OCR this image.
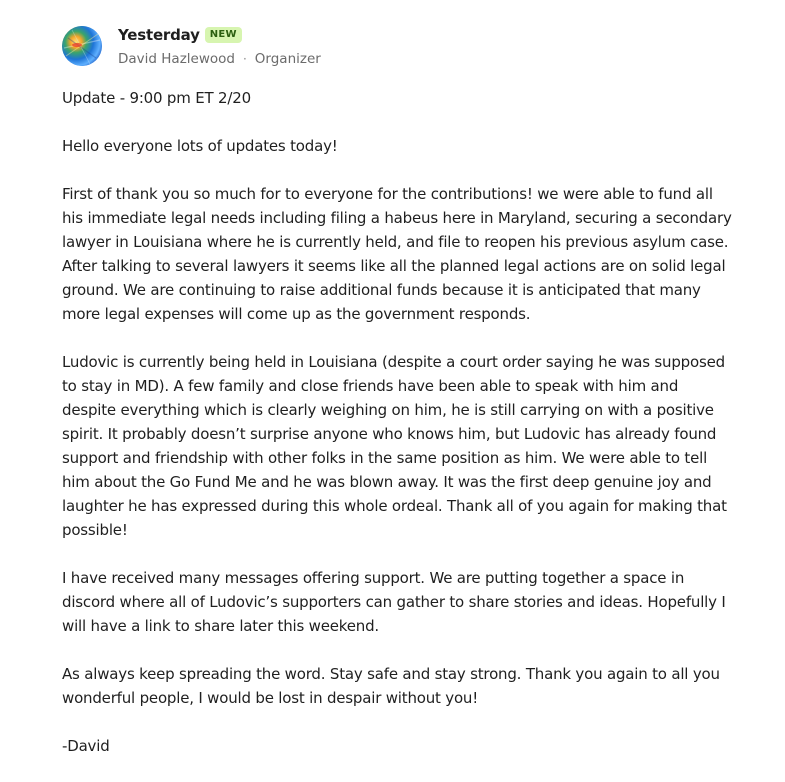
Yesterday	NEW
David Hazlewood · Organizer

Update - 9:00 pm ET 2/20

Hello everyone lots of updates today!

First of thank you so much for to everyone for the contributions! we were able to fund all his immediate legal needs including filing a habeus here in Maryland, securing a secondary lawyer in Louisiana where he is currently held, and file to reopen his previous asylum case. After talking to several lawyers it seems like all the planned legal actions are on solid legal ground. We are continuing to raise additional funds because it is anticipated that many more legal expenses will come up as the government responds.

Ludovic is currently being held in Louisiana (despite a court order saying he was supposed to stay in MD). A few family and close friends have been able to speak with him and despite everything which is clearly weighing on him, he is still carrying on with a positive spirit. It probably doesn’t surprise anyone who knows him, but Ludovic has already found support and friendship with other folks in the same position as him. We were able to tell him about the Go Fund Me and he was blown away. It was the first deep genuine joy and laughter he has expressed during this whole ordeal. Thank all of you again for making that possible!

I have received many messages offering support. We are putting together a space in discord where all of Ludovic’s supporters can gather to share stories and ideas. Hopefully I will have a link to share later this weekend.

As always keep spreading the word. Stay safe and stay strong. Thank you again to all you wonderful people, I would be lost in despair without you!

-David
